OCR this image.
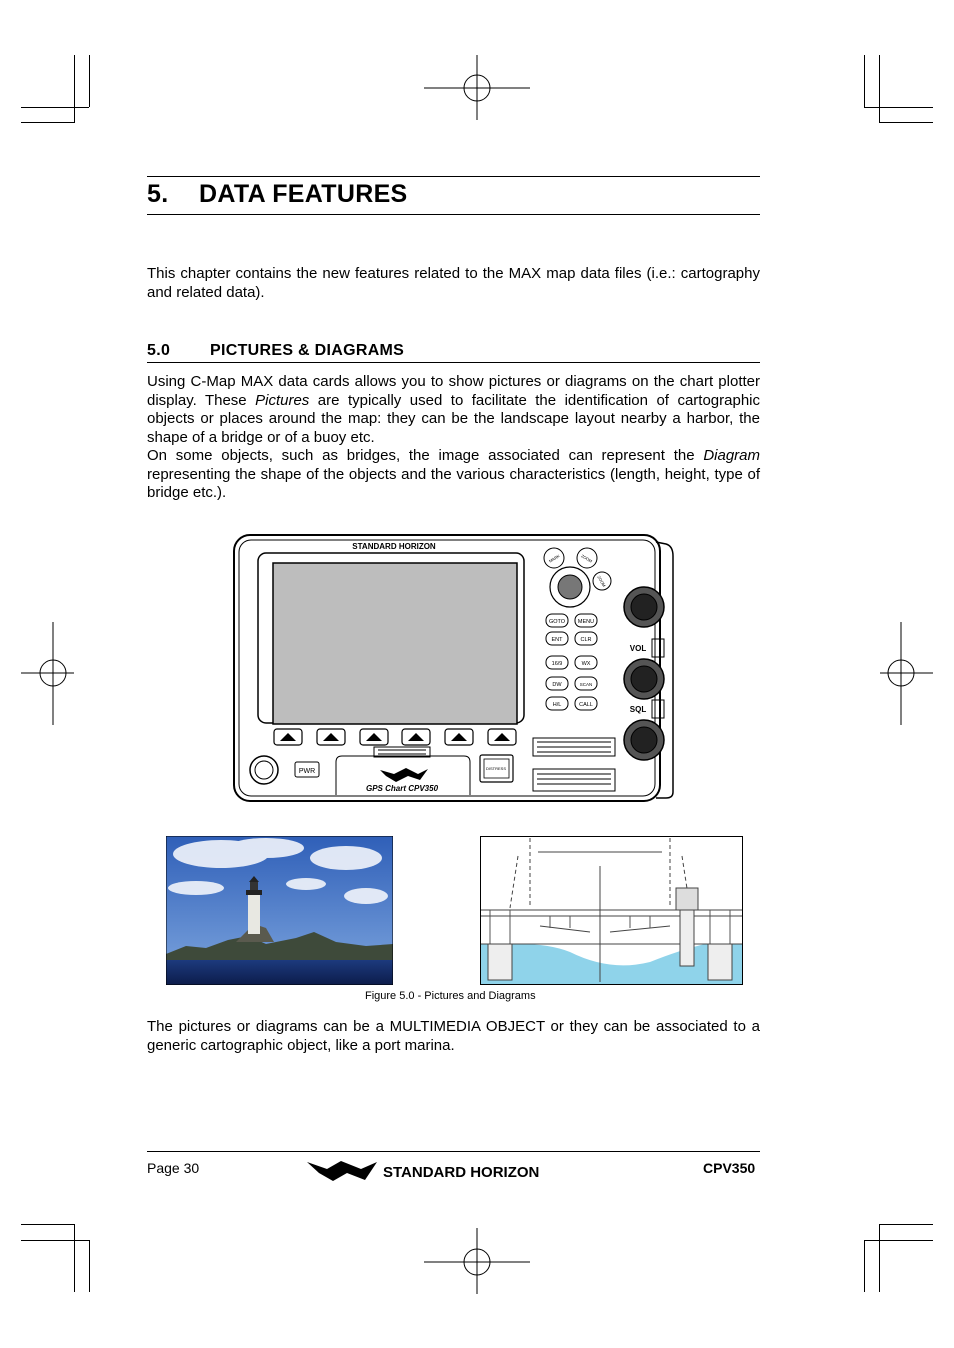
5. DATA FEATURES
This chapter contains the new features related to the MAX map data files (i.e.: cartography and related data).
5.0 PICTURES & DIAGRAMS
Using C-Map MAX data cards allows you to show pictures or diagrams on the chart plotter display. These Pictures are typically used to facilitate the identification of cartographic objects or places around the map: they can be the landscape layout nearby a harbor, the shape of a bridge or of a buoy etc.
On some objects, such as bridges, the image associated can represent the Diagram representing the shape of the objects and the various characteristics (length, height, type of bridge etc.).
STANDARD HORIZON
GPS Chart CPV350
PWR	DISTRESS
GOTO MENU
ENT	CLR
16/9	WX
DW	SCAN
H/L	CALL
MARK	ZOOM
ZOOM
VOL
SQL
Figure 5.0 - Pictures and Diagrams
The pictures or diagrams can be a MULTIMEDIA OBJECT or they can be associated to a generic cartographic object, like a port marina.
Page 30	STANDARD HORIZON	CPV350
